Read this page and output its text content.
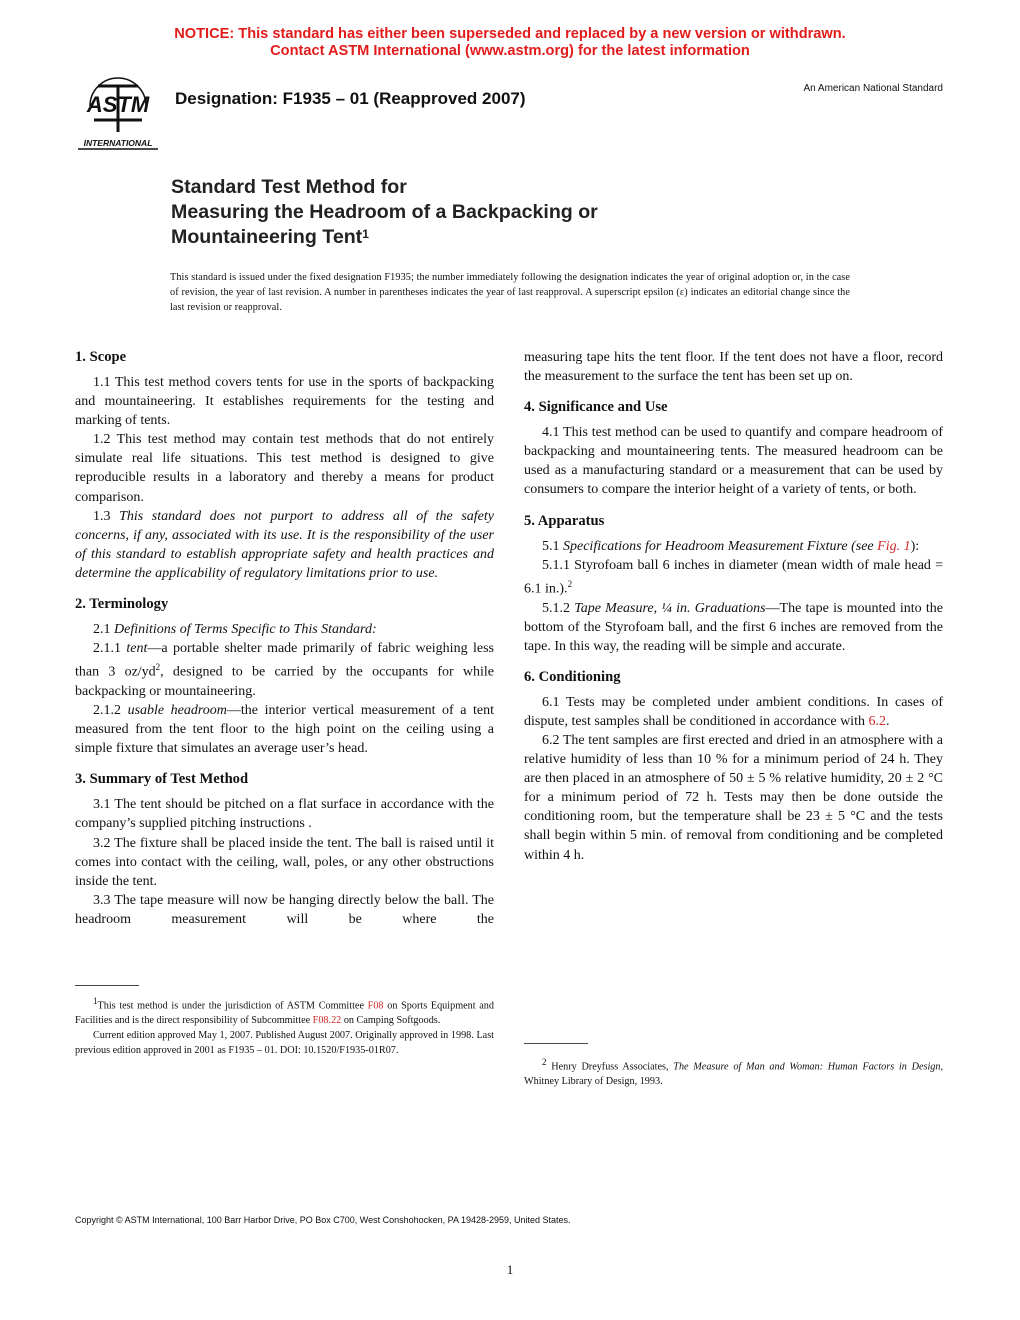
NOTICE: This standard has either been superseded and replaced by a new version or withdrawn.
Contact ASTM International (www.astm.org) for the latest information
ASTM
INTERNATIONAL
Designation: F1935 – 01 (Reapproved 2007)
An American National Standard
Standard Test Method for
Measuring the Headroom of a Backpacking or
Mountaineering Tent$^1$
This standard is issued under the fixed designation F1935; the number immediately following the designation indicates the year of original adoption or, in the case of revision, the year of last revision. A number in parentheses indicates the year of last reapproval. A superscript epsilon (ε) indicates an editorial change since the last revision or reapproval.
1. Scope

1.1 This test method covers tents for use in the sports of backpacking and mountaineering. It establishes requirements for the testing and marking of tents.

1.2 This test method may contain test methods that do not entirely simulate real life situations. This test method is designed to give reproducible results in a laboratory and thereby a means for product comparison.

1.3 This standard does not purport to address all of the safety concerns, if any, associated with its use. It is the responsibility of the user of this standard to establish appropriate safety and health practices and determine the applicability of regulatory limitations prior to use.

2. Terminology

2.1 Definitions of Terms Specific to This Standard:

2.1.1 tent—a portable shelter made primarily of fabric weighing less than 3 $oz/yd^2$, designed to be carried by the occupants for while backpacking or mountaineering.

2.1.2 usable headroom—the interior vertical measurement of a tent measured from the tent floor to the high point on the ceiling using a simple fixture that simulates an average user’s head.

3. Summary of Test Method

3.1 The tent should be pitched on a flat surface in accordance with the company’s supplied pitching instructions .

3.2 The fixture shall be placed inside the tent. The ball is raised until it comes into contact with the ceiling, wall, poles, or any other obstructions inside the tent.

3.3 The tape measure will now be hanging directly below the ball. The headroom measurement will be where the

measuring tape hits the tent floor. If the tent does not have a floor, record the measurement to the surface the tent has been set up on.

4. Significance and Use

4.1 This test method can be used to quantify and compare headroom of backpacking and mountaineering tents. The measured headroom can be used as a manufacturing standard or a measurement that can be used by consumers to compare the interior height of a variety of tents, or both.

5. Apparatus

5.1 Specifications for Headroom Measurement Fixture (see Fig. 1):

5.1.1 Styrofoam ball 6 inches in diameter (mean width of male head = 6.1 in.).$^2$

5.1.2 Tape Measure, ¼ in. Graduations—The tape is mounted into the bottom of the Styrofoam ball, and the first 6 inches are removed from the tape. In this way, the reading will be simple and accurate.

6. Conditioning

6.1 Tests may be completed under ambient conditions. In cases of dispute, test samples shall be conditioned in accordance with 6.2.

6.2 The tent samples are first erected and dried in an atmosphere with a relative humidity of less than 10 % for a minimum period of 24 h. They are then placed in an atmosphere of 50 ± 5 % relative humidity, 20 ± 2 °C for a minimum period of 72 h. Tests may then be done outside the conditioning room, but the temperature shall be 23 ± 5 °C and the tests shall begin within 5 min. of removal from conditioning and be completed within 4 h.

$^1$This test method is under the jurisdiction of ASTM Committee F08 on Sports Equipment and Facilities and is the direct responsibility of Subcommittee F08.22 on Camping Softgoods.

Current edition approved May 1, 2007. Published August 2007. Originally approved in 1998. Last previous edition approved in 2001 as F1935 – 01. DOI: 10.1520/F1935-01R07.

$^2$ Henry Dreyfuss Associates, The Measure of Man and Woman: Human Factors in Design, Whitney Library of Design, 1993.

Copyright © ASTM International, 100 Barr Harbor Drive, PO Box C700, West Conshohocken, PA 19428-2959, United States.
1
